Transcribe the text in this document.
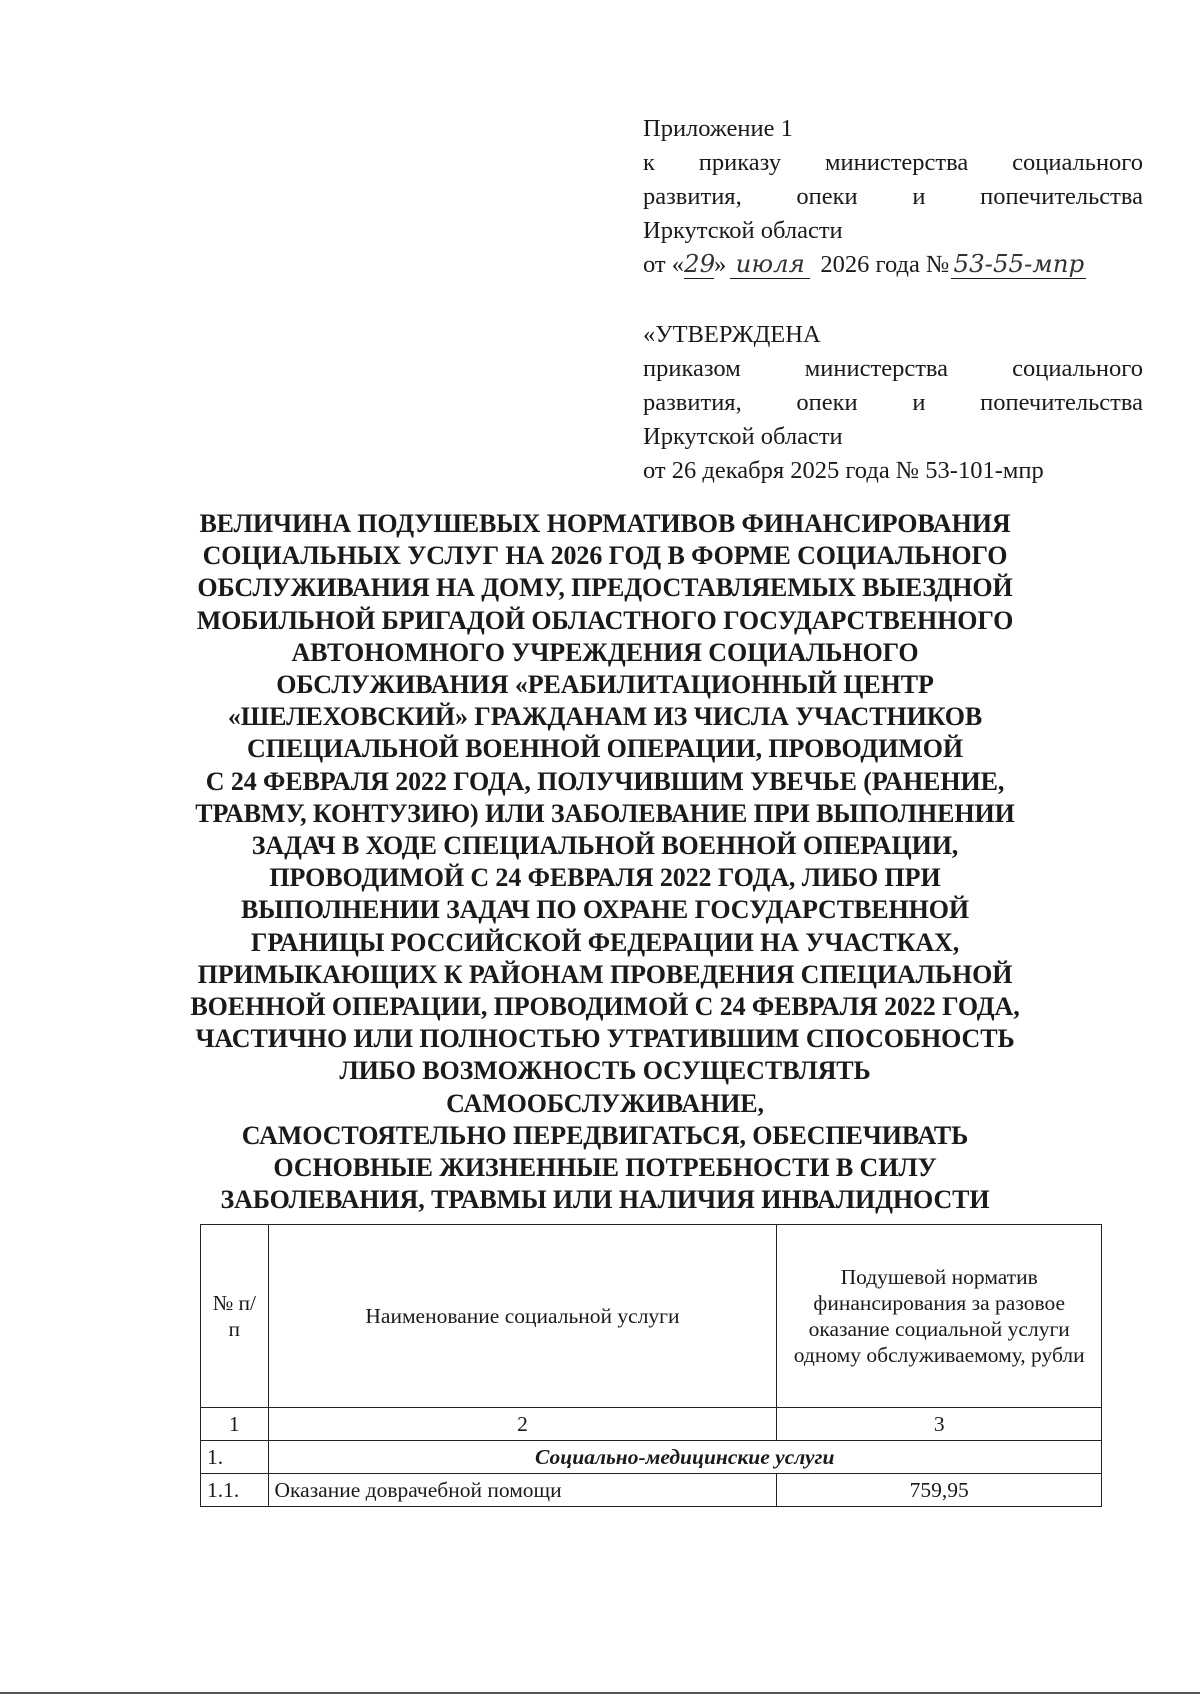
Приложение 1
к приказу министерства социального
развития, опеки и попечительства
Иркутской области
от «29» июля 2026 года № 53-55-мпр
«УТВЕРЖДЕНА
приказом министерства социального
развития, опеки и попечительства
Иркутской области
от 26 декабря 2025 года № 53-101-мпр
ВЕЛИЧИНА ПОДУШЕВЫХ НОРМАТИВОВ ФИНАНСИРОВАНИЯ
СОЦИАЛЬНЫХ УСЛУГ НА 2026 ГОД В ФОРМЕ СОЦИАЛЬНОГО
ОБСЛУЖИВАНИЯ НА ДОМУ, ПРЕДОСТАВЛЯЕМЫХ ВЫЕЗДНОЙ
МОБИЛЬНОЙ БРИГАДОЙ ОБЛАСТНОГО ГОСУДАРСТВЕННОГО
АВТОНОМНОГО УЧРЕЖДЕНИЯ СОЦИАЛЬНОГО
ОБСЛУЖИВАНИЯ «РЕАБИЛИТАЦИОННЫЙ ЦЕНТР
«ШЕЛЕХОВСКИЙ» ГРАЖДАНАМ ИЗ ЧИСЛА УЧАСТНИКОВ
СПЕЦИАЛЬНОЙ ВОЕННОЙ ОПЕРАЦИИ, ПРОВОДИМОЙ
С 24 ФЕВРАЛЯ 2022 ГОДА, ПОЛУЧИВШИМ УВЕЧЬЕ (РАНЕНИЕ,
ТРАВМУ, КОНТУЗИЮ) ИЛИ ЗАБОЛЕВАНИЕ ПРИ ВЫПОЛНЕНИИ
ЗАДАЧ В ХОДЕ СПЕЦИАЛЬНОЙ ВОЕННОЙ ОПЕРАЦИИ,
ПРОВОДИМОЙ С 24 ФЕВРАЛЯ 2022 ГОДА, ЛИБО ПРИ
ВЫПОЛНЕНИИ ЗАДАЧ ПО ОХРАНЕ ГОСУДАРСТВЕННОЙ
ГРАНИЦЫ РОССИЙСКОЙ ФЕДЕРАЦИИ НА УЧАСТКАХ,
ПРИМЫКАЮЩИХ К РАЙОНАМ ПРОВЕДЕНИЯ СПЕЦИАЛЬНОЙ
ВОЕННОЙ ОПЕРАЦИИ, ПРОВОДИМОЙ С 24 ФЕВРАЛЯ 2022 ГОДА,
ЧАСТИЧНО ИЛИ ПОЛНОСТЬЮ УТРАТИВШИМ СПОСОБНОСТЬ
ЛИБО ВОЗМОЖНОСТЬ ОСУЩЕСТВЛЯТЬ САМООБСЛУЖИВАНИЕ,
САМОСТОЯТЕЛЬНО ПЕРЕДВИГАТЬСЯ, ОБЕСПЕЧИВАТЬ
ОСНОВНЫЕ ЖИЗНЕННЫЕ ПОТРЕБНОСТИ В СИЛУ
ЗАБОЛЕВАНИЯ, ТРАВМЫ ИЛИ НАЛИЧИЯ ИНВАЛИДНОСТИ
№ п/п	Наименование социальной услуги	Подушевой норматив финансирования за разовое оказание социальной услуги одному обслуживаемому, рубли
1	2	3
1.	Социально-медицинские услуги	
1.1.	Оказание доврачебной помощи	759,95
